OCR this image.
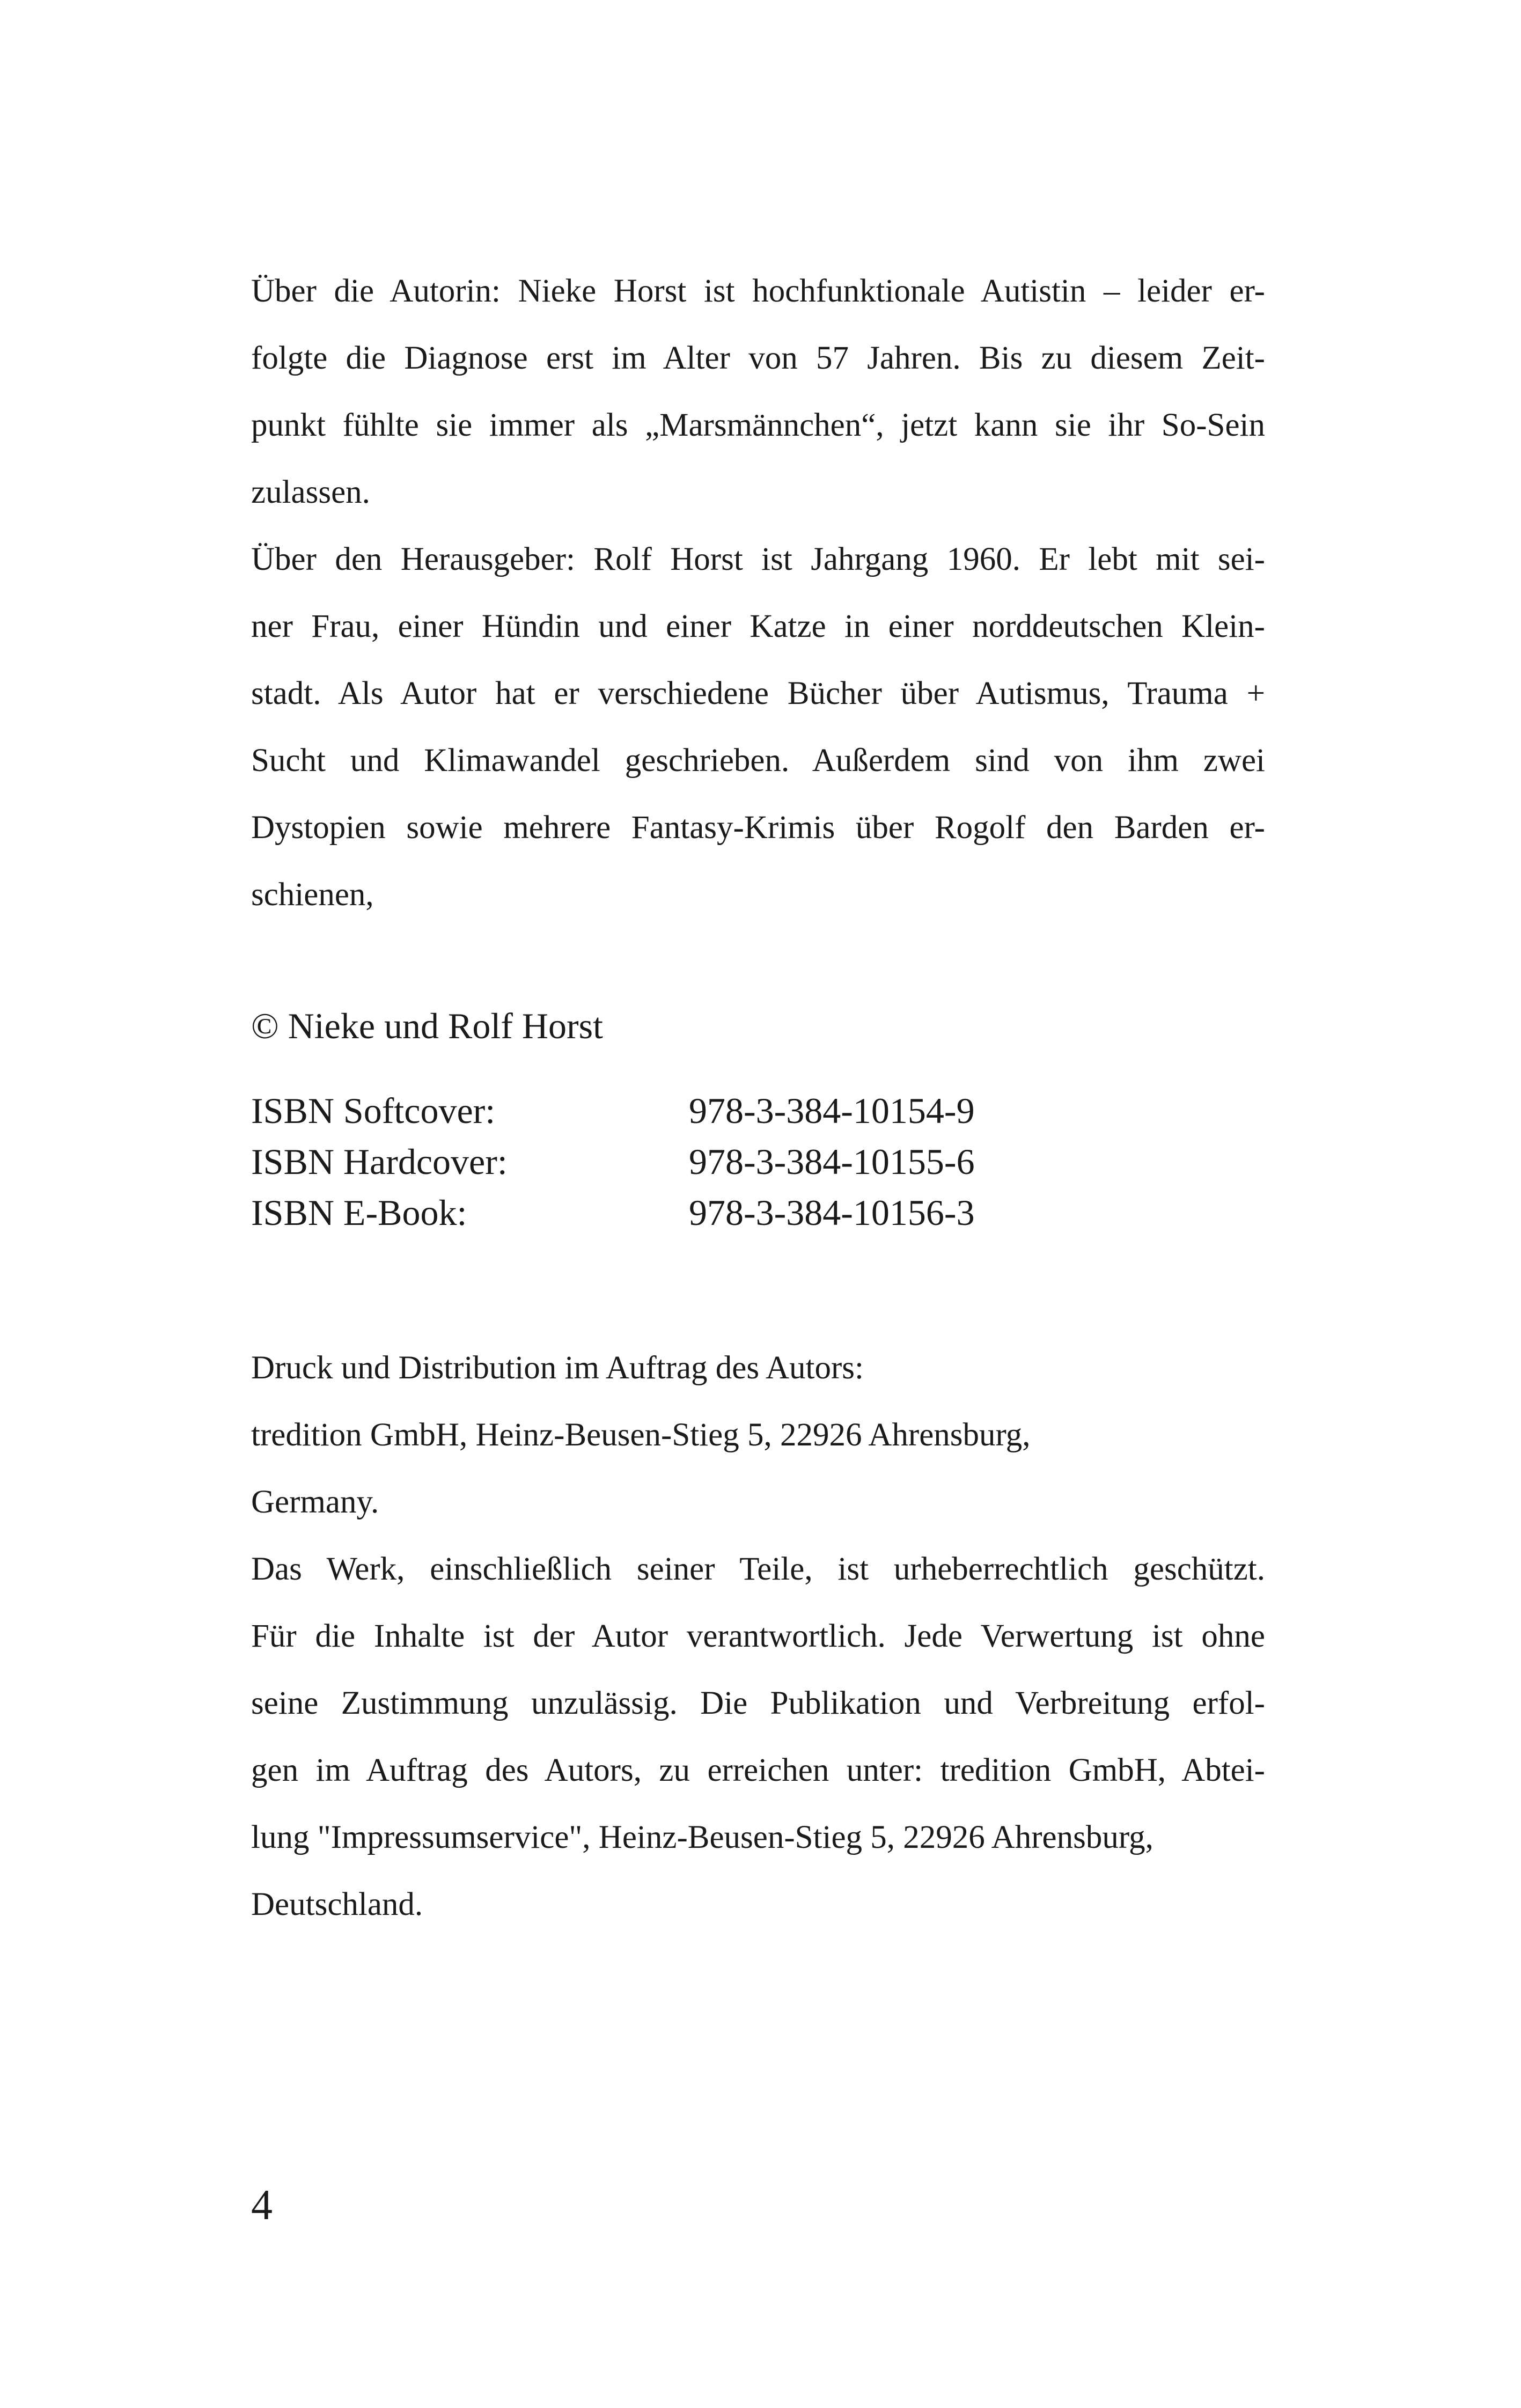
Über die Autorin: Nieke Horst ist hochfunktionale Autistin – leider er-

folgte die Diagnose erst im Alter von 57 Jahren. Bis zu diesem Zeit-

punkt fühlte sie immer als „Marsmännchen“, jetzt kann sie ihr So-Sein

zulassen.

Über den Herausgeber: Rolf Horst ist Jahrgang 1960. Er lebt mit sei-

ner Frau, einer Hündin und einer Katze in einer norddeutschen Klein-

stadt. Als Autor hat er verschiedene Bücher über Autismus, Trauma +

Sucht und Klimawandel geschrieben. Außerdem sind von ihm zwei

Dystopien sowie mehrere Fantasy-Krimis über Rogolf den Barden er-

schienen,

© Nieke und Rolf Horst

ISBN Softcover:	978-3-384-10154-9

ISBN Hardcover:	978-3-384-10155-6

ISBN E-Book:	978-3-384-10156-3

Druck und Distribution im Auftrag des Autors:

tredition GmbH, Heinz-Beusen-Stieg 5, 22926 Ahrensburg,

Germany.

Das Werk, einschließlich seiner Teile, ist urheberrechtlich geschützt.

Für die Inhalte ist der Autor verantwortlich. Jede Verwertung ist ohne

seine Zustimmung unzulässig. Die Publikation und Verbreitung erfol-

gen im Auftrag des Autors, zu erreichen unter: tredition GmbH, Abtei-

lung "Impressumservice", Heinz-Beusen-Stieg 5, 22926 Ahrensburg,

Deutschland.

4
